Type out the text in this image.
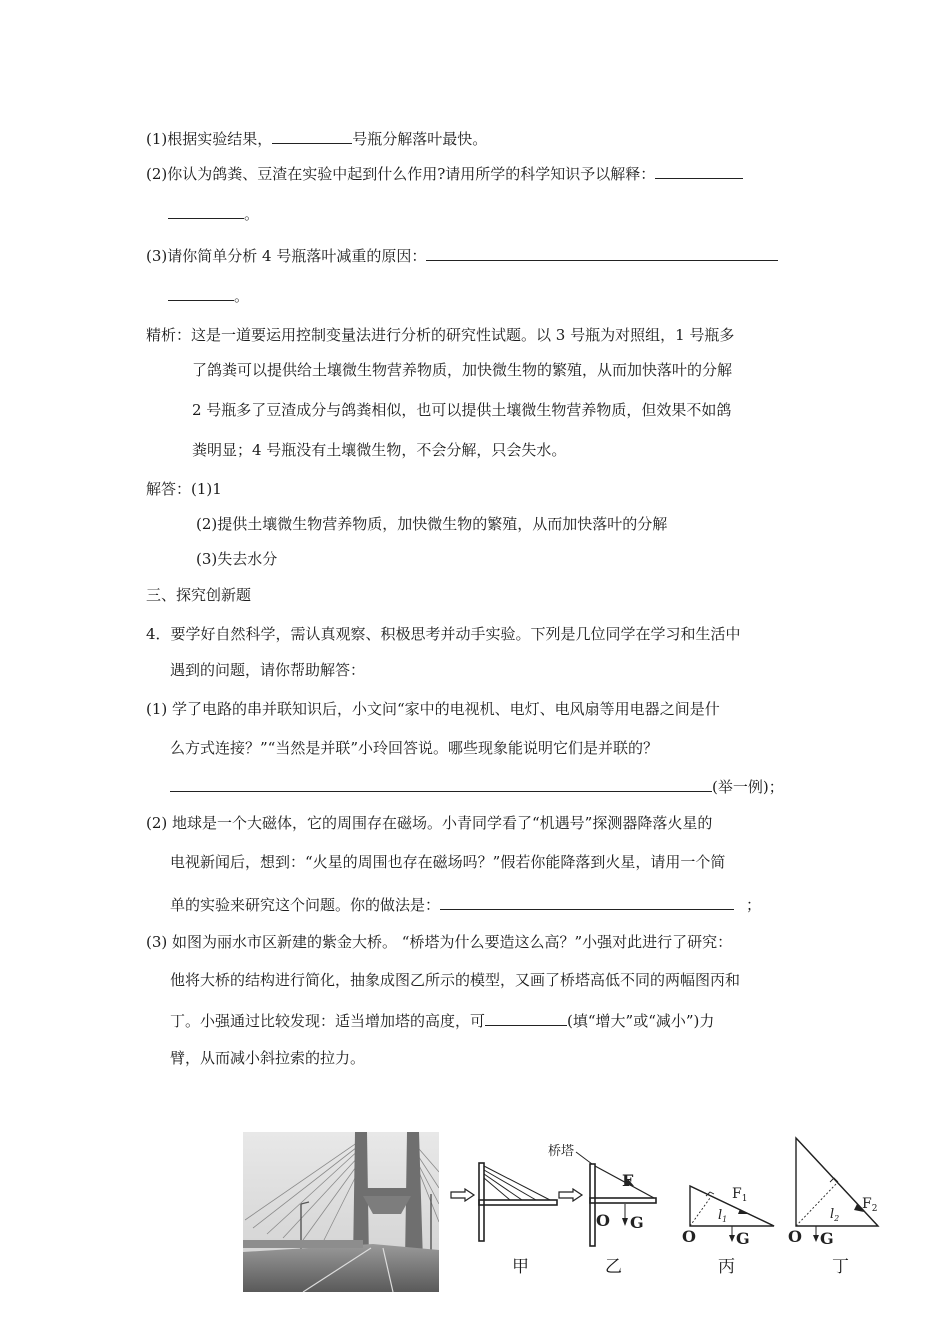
(1)根据实验结果，	号瓶分解落叶最快。
(2)你认为鸽粪、豆渣在实验中起到什么作用?请用所学的科学知识予以解释：
。
(3)请你简单分析 4 号瓶落叶减重的原因：
。
精析：这是一道要运用控制变量法进行分析的研究性试题。以 3 号瓶为对照组，1 号瓶多
了鸽粪可以提供给土壤微生物营养物质，加快微生物的繁殖，从而加快落叶的分解
2 号瓶多了豆渣成分与鸽粪相似，也可以提供土壤微生物营养物质，但效果不如鸽
粪明显；4 号瓶没有土壤微生物，不会分解，只会失水。
解答：(1)1
(2)提供土壤微生物营养物质，加快微生物的繁殖，从而加快落叶的分解
(3)失去水分
三、探究创新题
4．要学好自然科学，需认真观察、积极思考并动手实验。下列是几位同学在学习和生活中
遇到的问题，请你帮助解答：
(1) 学了电路的串并联知识后，小文问“家中的电视机、电灯、电风扇等用电器之间是什
么方式连接？”“当然是并联”小玲回答说。哪些现象能说明它们是并联的？
(举一例)；
(2) 地球是一个大磁体，它的周围存在磁场。小青同学看了“机遇号”探测器降落火星的
电视新闻后，想到：“火星的周围也存在磁场吗？”假若你能降落到火星，请用一个简
单的实验来研究这个问题。你的做法是：	；
(3) 如图为丽水市区新建的紫金大桥。 “桥塔为什么要造这么高？”小强对此进行了研究：
他将大桥的结构进行简化，抽象成图乙所示的模型，又画了桥塔高低不同的两幅图丙和
丁。小强通过比较发现：适当增加塔的高度，可	(填“增大”或“减小”)力
臂，从而减小斜拉索的拉力。
桥塔
F
O G
$F_1$
$l_1$
O	G
$F_2$
$l_2$
O G
甲	乙	丙	丁
